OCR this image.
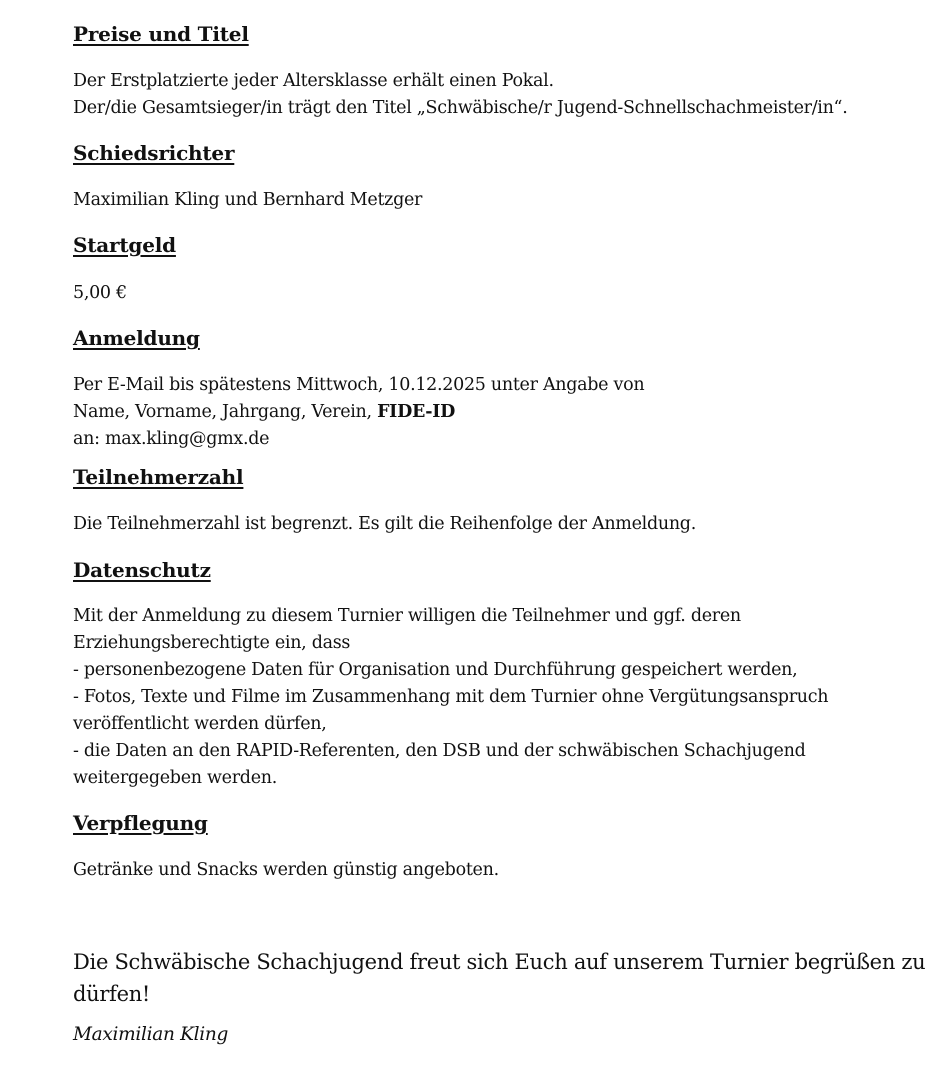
Preise und Titel
Der Erstplatzierte jeder Altersklasse erhält einen Pokal.
Der/die Gesamtsieger/in trägt den Titel „Schwäbische/r Jugend-Schnellschachmeister/in“.
Schiedsrichter
Maximilian Kling und Bernhard Metzger
Startgeld
5,00 €
Anmeldung
Per E-Mail bis spätestens Mittwoch, 10.12.2025 unter Angabe von
Name, Vorname, Jahrgang, Verein, FIDE-ID
an: max.kling@gmx.de
Teilnehmerzahl
Die Teilnehmerzahl ist begrenzt. Es gilt die Reihenfolge der Anmeldung.
Datenschutz
Mit der Anmeldung zu diesem Turnier willigen die Teilnehmer und ggf. deren
Erziehungsberechtigte ein, dass
- personenbezogene Daten für Organisation und Durchführung gespeichert werden,
- Fotos, Texte und Filme im Zusammenhang mit dem Turnier ohne Vergütungsanspruch
veröffentlicht werden dürfen,
- die Daten an den RAPID-Referenten, den DSB und der schwäbischen Schachjugend
weitergegeben werden.
Verpflegung
Getränke und Snacks werden günstig angeboten.
Die Schwäbische Schachjugend freut sich Euch auf unserem Turnier begrüßen zu
dürfen!
Maximilian Kling
